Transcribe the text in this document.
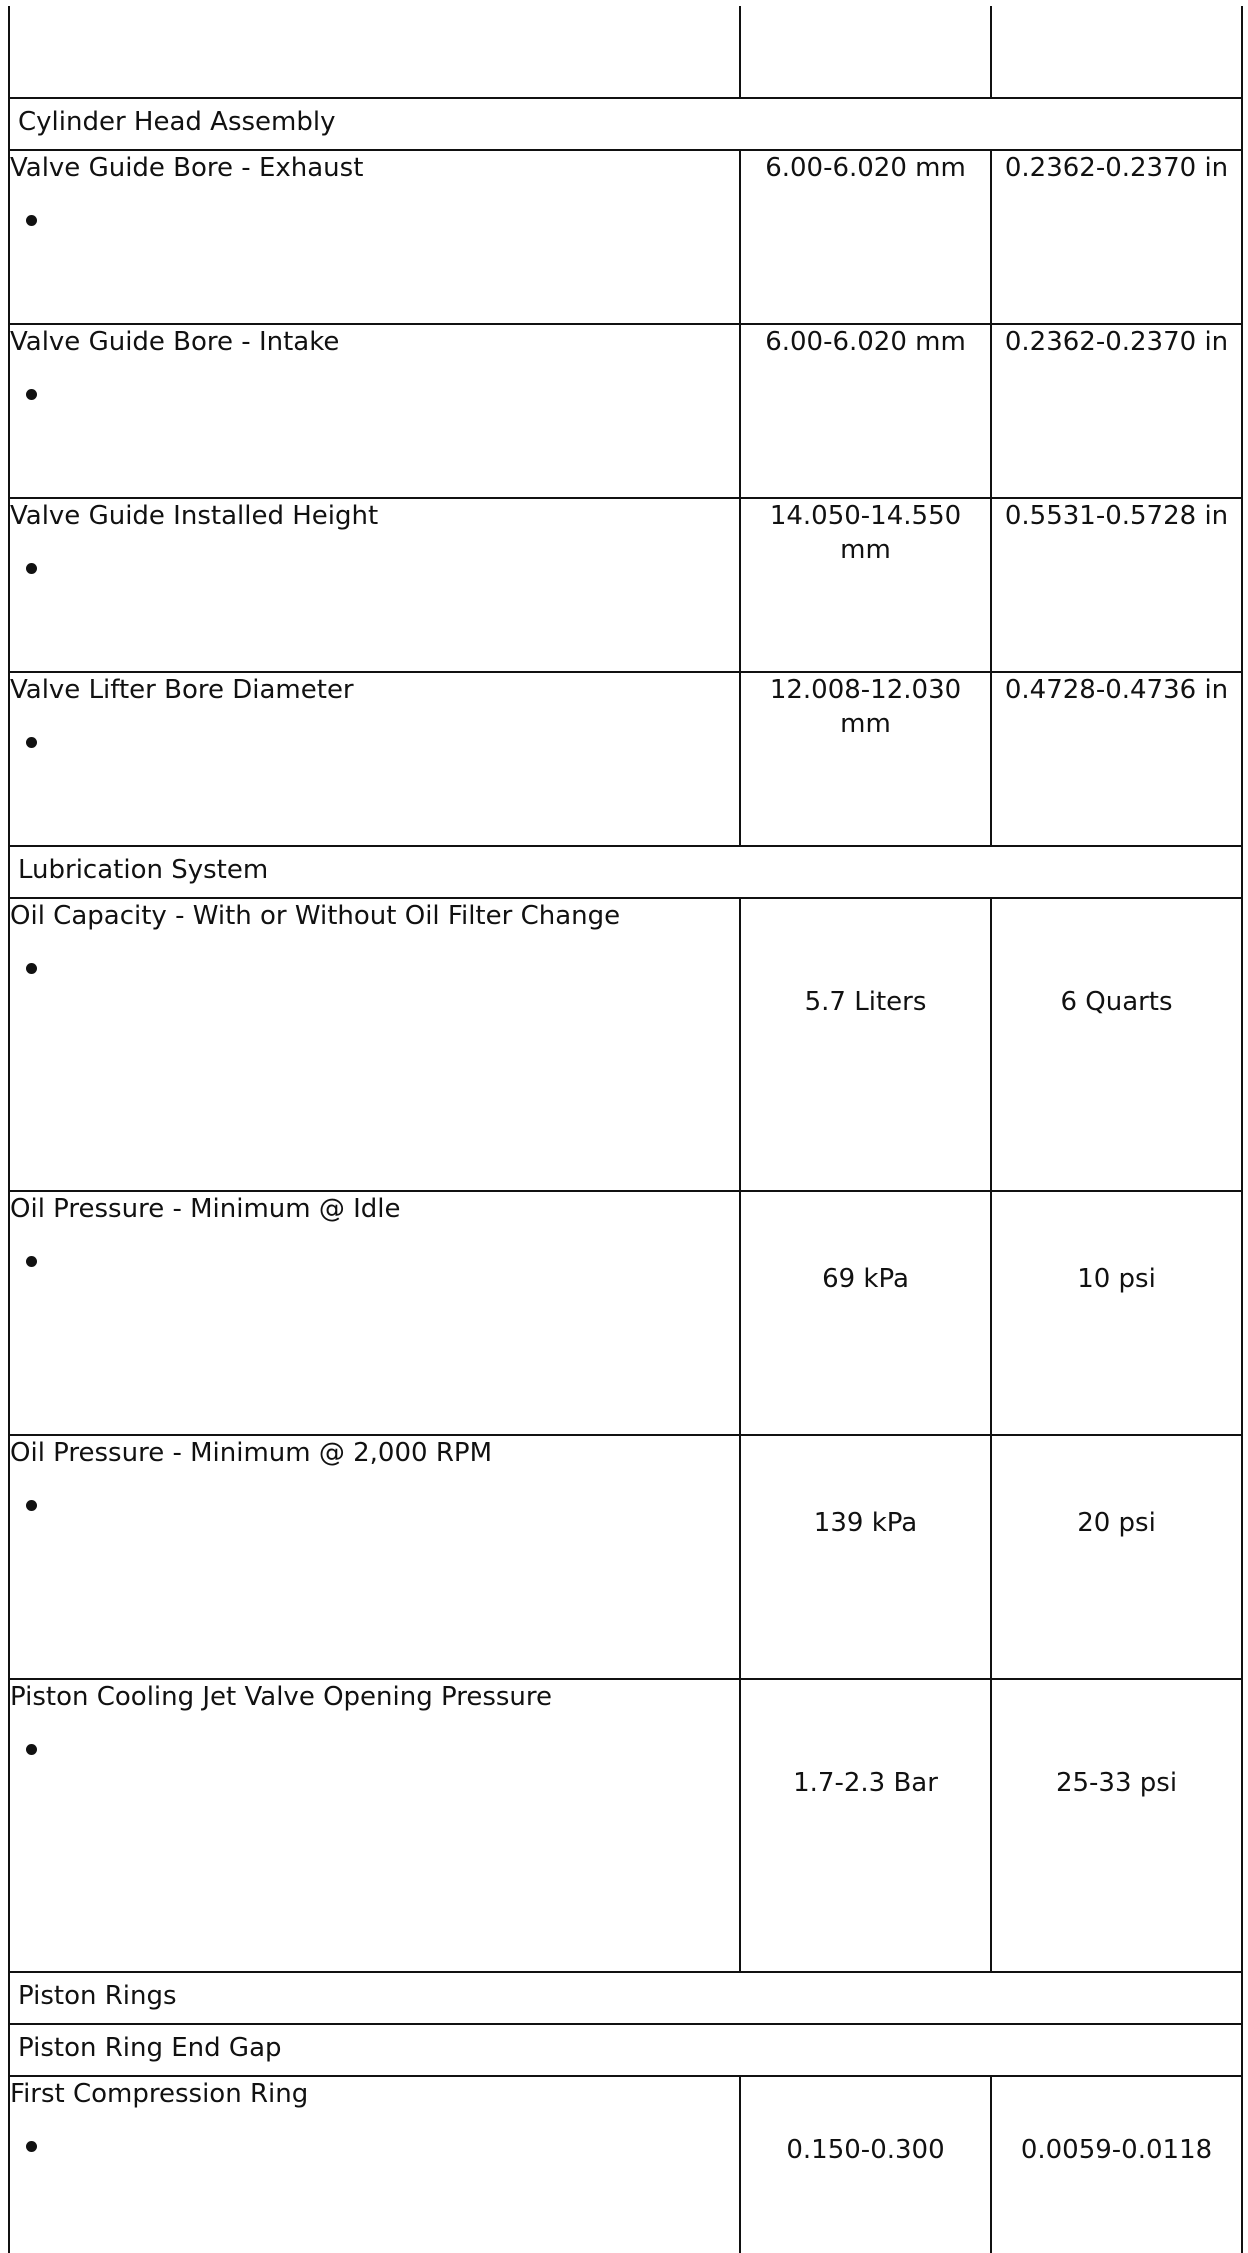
Cylinder Head Assembly		

Valve Guide Bore - Exhaust	6.00-6.020 mm	0.2362-0.2370 in

Valve Guide Bore - Intake	6.00-6.020 mm	0.2362-0.2370 in

Valve Guide Installed Height	14.050-14.550 mm	0.5531-0.5728 in

Valve Lifter Bore Diameter	12.008-12.030 mm	0.4728-0.4736 in
Lubrication System		

Oil Capacity - With or Without Oil Filter Change	5.7 Liters	6 Quarts

Oil Pressure - Minimum @ Idle	69 kPa	10 psi

Oil Pressure - Minimum @ 2,000 RPM	139 kPa	20 psi

Piston Cooling Jet Valve Opening Pressure	1.7-2.3 Bar	25-33 psi
Piston Rings		
Piston Ring End Gap		

First Compression Ring	0.150-0.300	0.0059-0.0118
